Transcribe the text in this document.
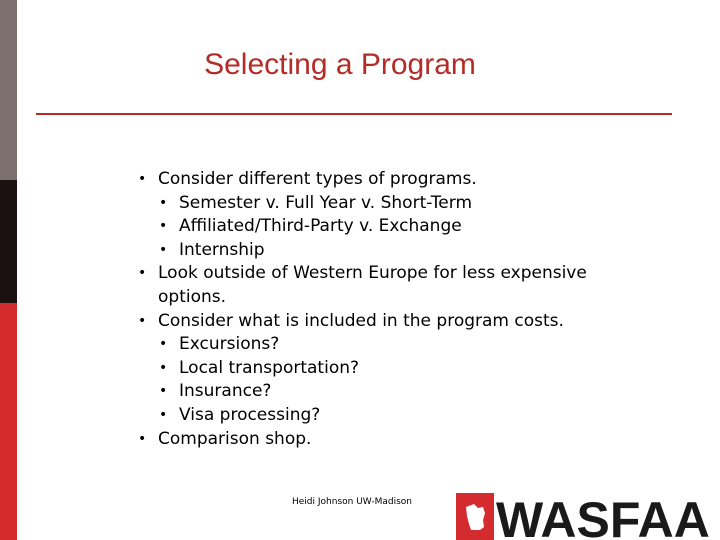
Selecting a Program
• Consider different types of programs.
• Semester v. Full Year v. Short-Term
• Affiliated/Third-Party v. Exchange
• Internship
• Look outside of Western Europe for less expensive options.
• Consider what is included in the program costs.
• Excursions?
• Local transportation?
• Insurance?
• Visa processing?
• Comparison shop.
Heidi Johnson UW-Madison WASFAA
